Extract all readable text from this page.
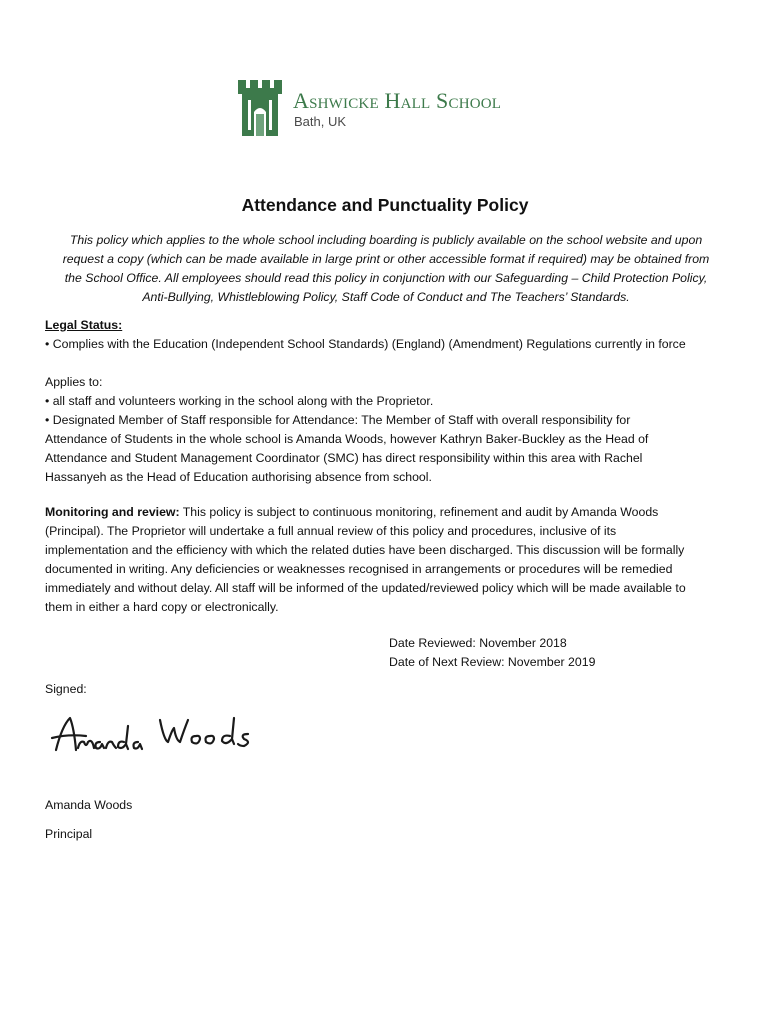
Ashwicke Hall School
Bath, UK
Attendance and Punctuality Policy
This policy which applies to the whole school including boarding is publicly available on the school website and upon
request a copy (which can be made available in large print or other accessible format if required) may be obtained from
the School Office. All employees should read this policy in conjunction with our Safeguarding – Child Protection Policy,
Anti-Bullying, Whistleblowing Policy, Staff Code of Conduct and The Teachers’ Standards.
Legal Status:
• Complies with the Education (Independent School Standards) (England) (Amendment) Regulations currently in force
Applies to:
• all staff and volunteers working in the school along with the Proprietor.
• Designated Member of Staff responsible for Attendance: The Member of Staff with overall responsibility for
Attendance of Students in the whole school is Amanda Woods, however Kathryn Baker-Buckley as the Head of
Attendance and Student Management Coordinator (SMC) has direct responsibility within this area with Rachel
Hassanyeh as the Head of Education authorising absence from school.
Monitoring and review: This policy is subject to continuous monitoring, refinement and audit by Amanda Woods
(Principal). The Proprietor will undertake a full annual review of this policy and procedures, inclusive of its
implementation and the efficiency with which the related duties have been discharged. This discussion will be formally
documented in writing. Any deficiencies or weaknesses recognised in arrangements or procedures will be remedied
immediately and without delay. All staff will be informed of the updated/reviewed policy which will be made available to
them in either a hard copy or electronically.
Date Reviewed: November 2018
Date of Next Review: November 2019
Signed:
Amanda Woods
Principal
